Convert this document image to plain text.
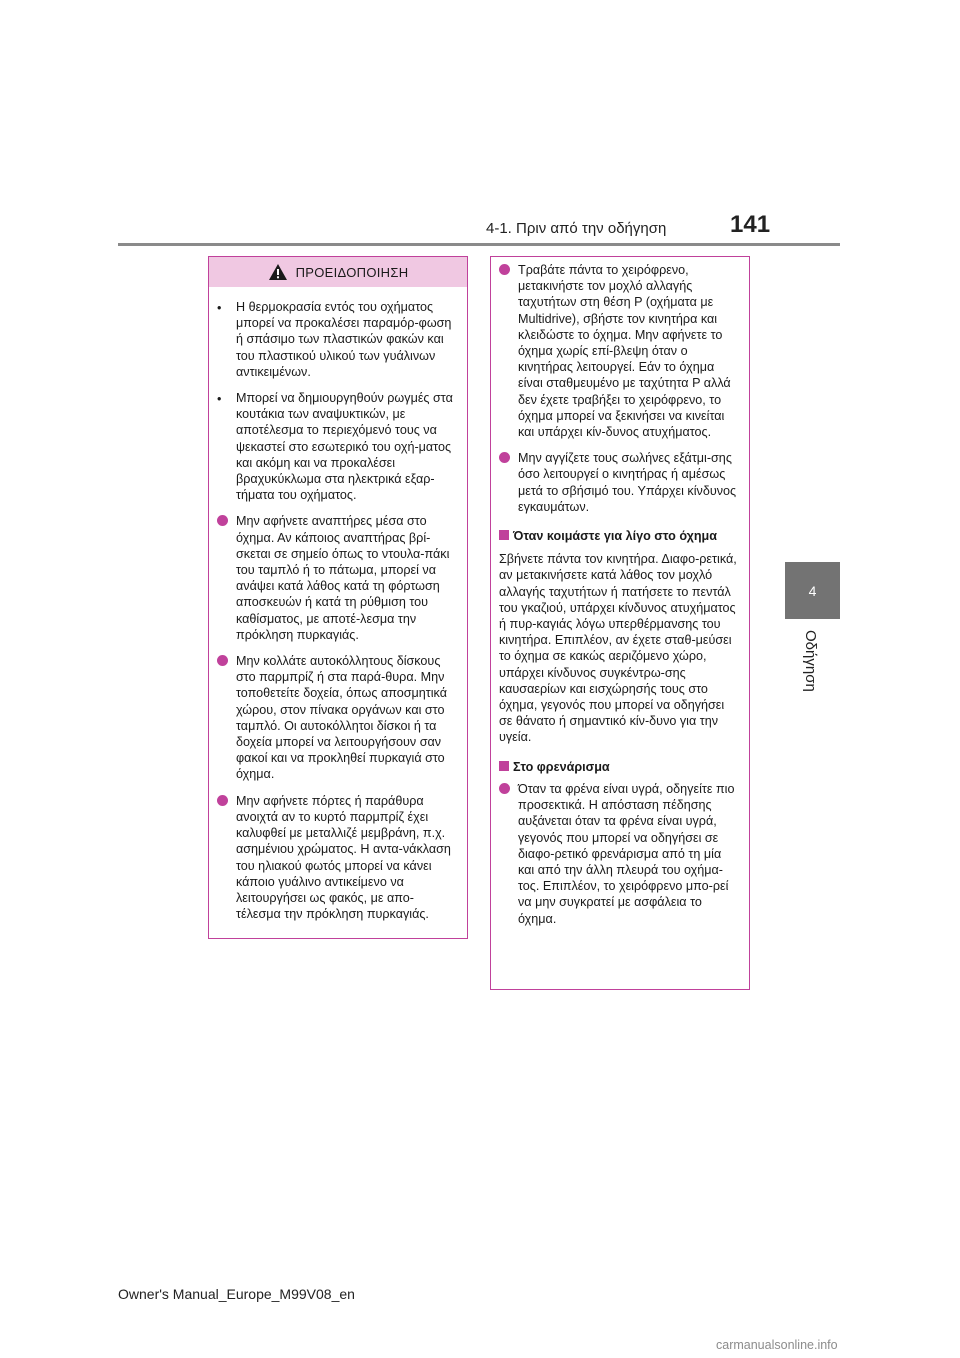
4-1. Πριν από την οδήγηση	141
4
Οδήγηση
ΠΡΟΕΙΔΟΠΟΙΗΣΗ
• Η θερμοκρασία εντός του οχήματος μπορεί να προκαλέσει παραμόρ-φωση ή σπάσιμο των πλαστικών φακών και του πλαστικού υλικού των γυάλινων αντικειμένων.

• Μπορεί να δημιουργηθούν ρωγμές στα κουτάκια των αναψυκτικών, με αποτέλεσμα το περιεχόμενό τους να ψεκαστεί στο εσωτερικό του οχή-ματος και ακόμη και να προκαλέσει βραχυκύκλωμα στα ηλεκτρικά εξαρ-τήματα του οχήματος.

Μην αφήνετε αναπτήρες μέσα στο όχημα. Αν κάποιος αναπτήρας βρί-σκεται σε σημείο όπως το ντουλα-πάκι του ταμπλό ή το πάτωμα, μπορεί να ανάψει κατά λάθος κατά τη φόρτωση αποσκευών ή κατά τη ρύθμιση του καθίσματος, με αποτέ-λεσμα την πρόκληση πυρκαγιάς.

Μην κολλάτε αυτοκόλλητους δίσκους στο παρμπρίζ ή στα παρά-θυρα. Μην τοποθετείτε δοχεία, όπως αποσμητικά χώρου, στον πίνακα οργάνων και στο ταμπλό. Οι αυτοκόλλητοι δίσκοι ή τα δοχεία μπορεί να λειτουργήσουν σαν φακοί και να προκληθεί πυρκαγιά στο όχημα.

Μην αφήνετε πόρτες ή παράθυρα ανοιχτά αν το κυρτό παρμπρίζ έχει καλυφθεί με μεταλλιζέ μεμβράνη, π.χ. ασημένιου χρώματος. Η αντα-νάκλαση του ηλιακού φωτός μπορεί να κάνει κάποιο γυάλινο αντικείμενο να λειτουργήσει ως φακός, με απο-τέλεσμα την πρόκληση πυρκαγιάς.

Τραβάτε πάντα το χειρόφρενο, μετακινήστε τον μοχλό αλλαγής ταχυτήτων στη θέση P (οχήματα με Multidrive), σβήστε τον κινητήρα και κλειδώστε το όχημα. Μην αφήνετε το όχημα χωρίς επί-βλεψη όταν ο κινητήρας λειτουργεί. Εάν το όχημα είναι σταθμευμένο με ταχύτητα P αλλά δεν έχετε τραβήξει το χειρόφρενο, το όχημα μπορεί να ξεκινήσει να κινείται και υπάρχει κίν-δυνος ατυχήματος.

Μην αγγίζετε τους σωλήνες εξάτμι-σης όσο λειτουργεί ο κινητήρας ή αμέσως μετά το σβήσιμό του. Υπάρχει κίνδυνος εγκαυμάτων.

Όταν κοιμάστε για λίγο στο όχημα

Σβήνετε πάντα τον κινητήρα. Διαφο-ρετικά, αν μετακινήσετε κατά λάθος τον μοχλό αλλαγής ταχυτήτων ή πατήσετε το πεντάλ του γκαζιού, υπάρχει κίνδυνος ατυχήματος ή πυρ-καγιάς λόγω υπερθέρμανσης του κινητήρα. Επιπλέον, αν έχετε σταθ-μεύσει το όχημα σε κακώς αεριζόμενο χώρο, υπάρχει κίνδυνος συγκέντρω-σης καυσαερίων και εισχώρησής τους στο όχημα, γεγονός που μπορεί να οδηγήσει σε θάνατο ή σημαντικό κίν-δυνο για την υγεία.

Στο φρενάρισμα

Όταν τα φρένα είναι υγρά, οδηγείτε πιο προσεκτικά. Η απόσταση πέδησης αυξάνεται όταν τα φρένα είναι υγρά, γεγονός που μπορεί να οδηγήσει σε διαφο-ρετικό φρενάρισμα από τη μία και από την άλλη πλευρά του οχήμα-τος. Επιπλέον, το χειρόφρενο μπο-ρεί να μην συγκρατεί με ασφάλεια το όχημα.

Owner's Manual_Europe_M99V08_en
carmanualsonline.info
